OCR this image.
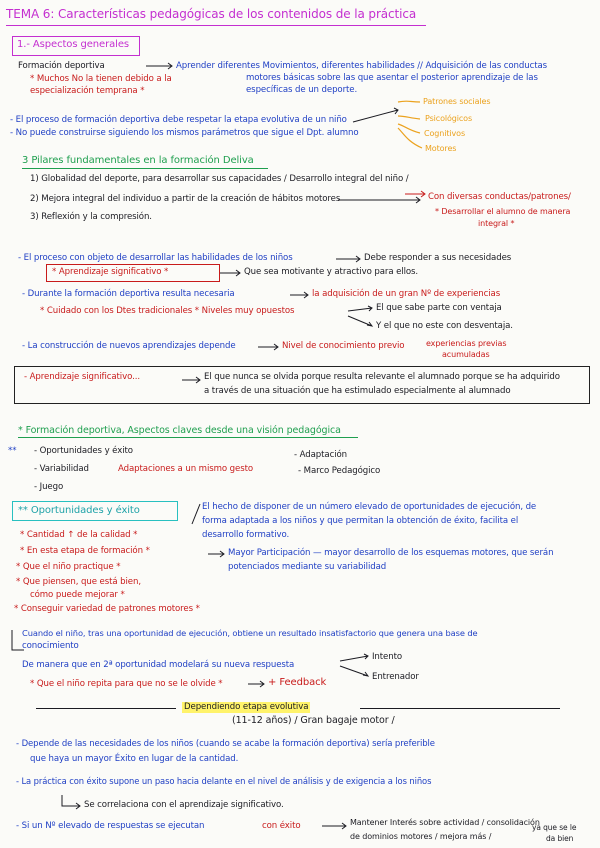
TEMA 6: Características pedagógicas de los contenidos de la práctica
1.- Aspectos generales
Formación deportiva	Aprender diferentes Movimientos, diferentes habilidades // Adquisición de las conductas
motores básicas sobre las que asentar el posterior aprendizaje de las
específicas de un deporte.
* Muchos No la tienen debido a la
especialización temprana *
- El proceso de formación deportiva debe respetar la etapa evolutiva de un niño
- No puede construirse siguiendo los mismos parámetros que sigue el Dpt. alumno
Patrones sociales
Psicológicos
Cognitivos
Motores
3 Pilares fundamentales en la formación Deliva
1) Globalidad del deporte, para desarrollar sus capacidades / Desarrollo integral del niño /
2) Mejora integral del individuo a partir de la creación de hábitos motores	Con diversas conductas/patrones/
3) Reflexión y la compresión.
* Desarrollar el alumno de manera
integral *
- El proceso con objeto de desarrollar las habilidades de los niños	Debe responder a sus necesidades
* Aprendizaje significativo *	Que sea motivante y atractivo para ellos.
- Durante la formación deportiva resulta necesaria	la adquisición de un gran Nº de experiencias
* Cuidado con los Dtes tradicionales * Niveles muy opuestos	El que sabe parte con ventaja
Y el que no este con desventaja.
- La construcción de nuevos aprendizajes depende	Nivel de conocimiento previo	experiencias previas
acumuladas
- Aprendizaje significativo...	El que nunca se olvida porque resulta relevante el alumnado porque se ha adquirido
a través de una situación que ha estimulado especialmente al alumnado
* Formación deportiva, Aspectos claves desde una visión pedagógica
** - Oportunidades y éxito
- Variabilidad	Adaptaciones a un mismo gesto
- Juego
- Adaptación
- Marco Pedagógico
** Oportunidades y éxito	El hecho de disponer de un número elevado de oportunidades de ejecución, de
forma adaptada a los niños y que permitan la obtención de éxito, facilita el
desarrollo formativo.
Mayor Participación — mayor desarrollo de los esquemas motores, que serán
potenciados mediante su variabilidad
* Cantidad ↑ de la calidad *
* En esta etapa de formación *
* Que el niño practique *
* Que piensen, que está bien,
cómo puede mejorar *
* Conseguir variedad de patrones motores *
Cuando el niño, tras una oportunidad de ejecución, obtiene un resultado insatisfactorio que genera una base de
conocimiento
De manera que en 2ª oportunidad modelará su nueva respuesta
Intento
Entrenador
* Que el niño repita para que no se le olvide *	+ Feedback
Dependiendo etapa evolutiva
(11-12 años) / Gran bagaje motor /
- Depende de las necesidades de los niños (cuando se acabe la formación deportiva) sería preferible
que haya un mayor Éxito en lugar de la cantidad.
- La práctica con éxito supone un paso hacia delante en el nivel de análisis y de exigencia a los niños
Se correlaciona con el aprendizaje significativo.
- Si un Nº elevado de respuestas se ejecutan	con éxito	Mantener Interés sobre actividad / consolidación
de dominios motores / mejora más /
ya que se le
da bien
